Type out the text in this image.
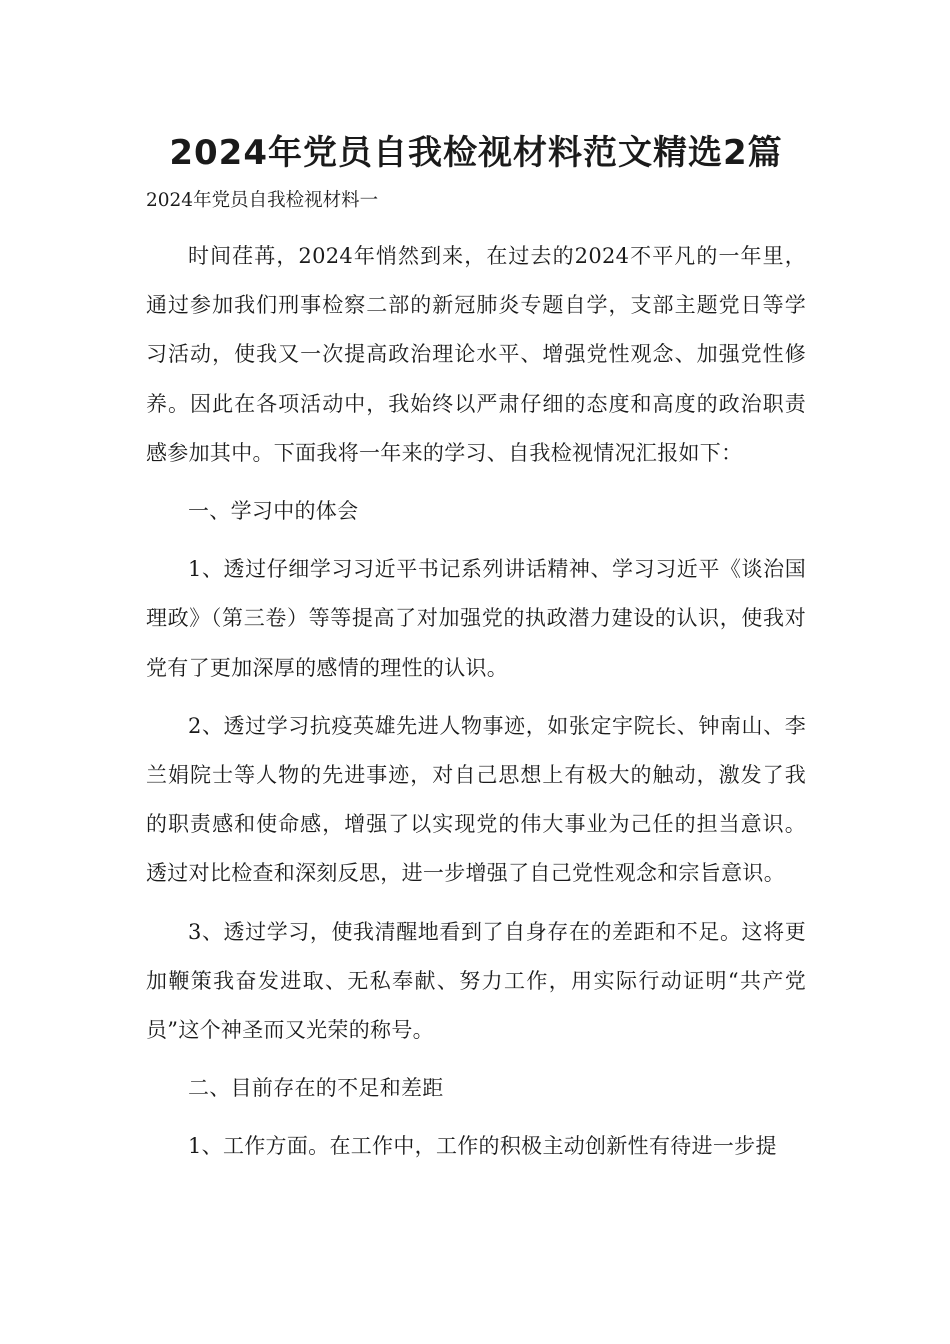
2024年党员自我检视材料范文精选2篇
2024年党员自我检视材料一

时间荏苒，2024年悄然到来，在过去的2024不平凡的一年里，通过参加我们刑事检察二部的新冠肺炎专题自学，支部主题党日等学习活动，使我又一次提高政治理论水平、增强党性观念、加强党性修养。因此在各项活动中，我始终以严肃仔细的态度和高度的政治职责感参加其中。下面我将一年来的学习、自我检视情况汇报如下：

一、学习中的体会

1、透过仔细学习习近平书记系列讲话精神、学习习近平《谈治国理政》（第三卷）等等提高了对加强党的执政潜力建设的认识，使我对党有了更加深厚的感情的理性的认识。

2、透过学习抗疫英雄先进人物事迹，如张定宇院长、钟南山、李兰娟院士等人物的先进事迹，对自己思想上有极大的触动，激发了我的职责感和使命感，增强了以实现党的伟大事业为己任的担当意识。透过对比检查和深刻反思，进一步增强了自己党性观念和宗旨意识。

3、透过学习，使我清醒地看到了自身存在的差距和不足。这将更加鞭策我奋发进取、无私奉献、努力工作，用实际行动证明“共产党员”这个神圣而又光荣的称号。

二、目前存在的不足和差距

1、工作方面。在工作中，工作的积极主动创新性有待进一步提
